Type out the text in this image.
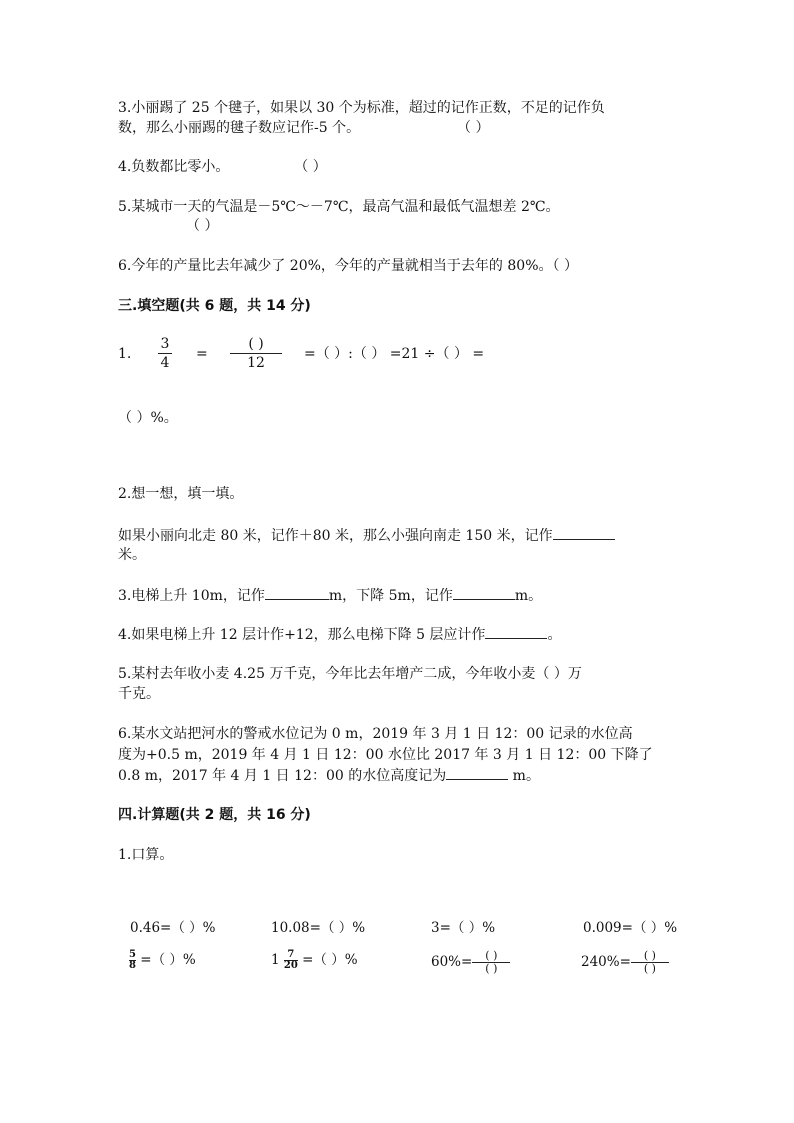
3.小丽踢了 25 个毽子，如果以 30 个为标准，超过的记作正数，不足的记作负
数，那么小丽踢的毽子数应记作-5 个。	（ ）
4.负数都比零小。	（ ）
5.某城市一天的气温是－5℃～－7℃，最高气温和最低气温想差 2℃。
（ ）
6.今年的产量比去年减少了 20%，今年的产量就相当于去年的 80%。（ ）
三.填空题(共 6 题，共 14 分)
1.
3
4
=
( )
12
=（ ）:（ ） =21 ÷（ ） =
（ ）%。
2.想一想，填一填。
如果小丽向北走 80 米，记作＋80 米，那么小强向南走 150 米，记作
米。
3.电梯上升 10m，记作	m，下降 5m，记作	m。
4.如果电梯上升 12 层计作+12，那么电梯下降 5 层应计作	。
5.某村去年收小麦 4.25 万千克，今年比去年增产二成，今年收小麦（ ）万
千克。
6.某水文站把河水的警戒水位记为 0 m，2019 年 3 月 1 日 12：00 记录的水位高
度为+0.5 m，2019 年 4 月 1 日 12：00 水位比 2017 年 3 月 1 日 12：00 下降了
0.8 m，2017 年 4 月 1 日 12：00 的水位高度记为	m。
四.计算题(共 2 题，共 16 分)
1.口算。
0.46=（ ）%	10.08=（ ）%	3=（ ）%	0.009=（ ）%
$\frac{5}{8}$ =（ ）%	$1 \frac{7}{20}$ =（ ）%	$60\%= \frac{( )}{( )}$	$240\%= \frac{( )}{( )}$
